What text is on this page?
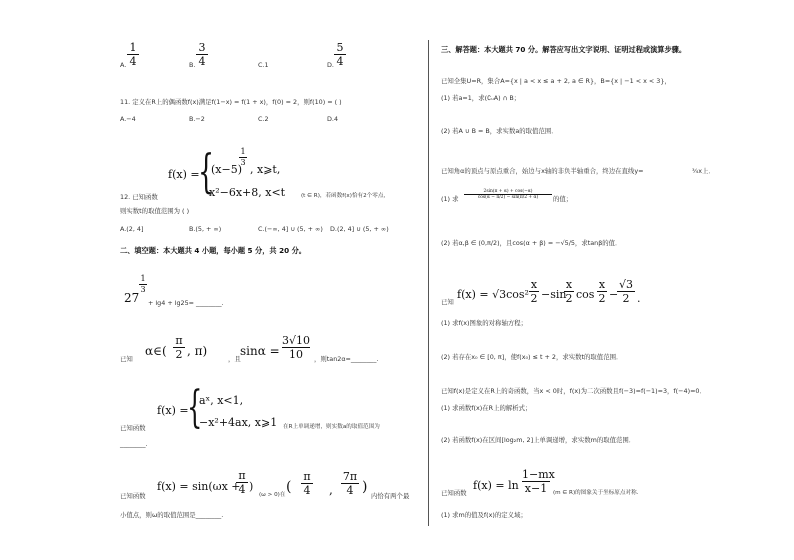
1
4
A.
3
4
B.	C.1
5
4
D.
11. 定义在R上的偶函数f(x)满足f(1−x) = f(1 + x)，f(0) = 2，则f(10) = ( )
A.−4	B.−2	C.2	D.4
f(x) =
{
(x−5)
1
3
, x⩾t,
x²−6x+8, x<t
12. 已知函数	(t ∈ R)，若函数f(x)恰有2个零点，
则实数t的取值范围为 ( )
A.(2, 4]	B.(5, + ∞)	C.(−∞, 4] ∪ (5, + ∞) D.(2, 4] ∪ (5, + ∞)
二、填空题：本大题共 4 小题，每小题 5 分，共 20 分。
27
1
3
+ lg4 + lg25= ________.
已知
α∈(
π
2 , π)
，且
sinα =
3√10
10	，则tan2α=________.
f(x) =
{
aˣ, x<1,
−x²+4ax, x⩾1
已知函数	在R上单调递增，则实数a的取值范围为
________.
f(x) = sin(ωx +
π
4 )
已知函数	(ω > 0)在 (
π
4 ,
7π
4 )
内恰有两个最
小值点，则ω的取值范围是________.
三、解答题：本大题共 70 分。解答应写出文字说明、证明过程或演算步骤。
已知全集U=R，集合A={x | a < x ≤ a + 2, a ∈ R}，B={x | −1 < x < 3}，
(1) 若a=1，求(∁ᵤA) ∩ B；
(2) 若A ∪ B = B，求实数a的取值范围．
已知角α的顶点与原点重合，始边与x轴的非负半轴重合，终边在直线y=	¾x上．
(1) 求
2sin(π + α) + cos(−α)
cos(α − π/2) − sin(π/2 + α)	的值；
(2) 若α,β ∈ (0,π/2)，且cos(α + β) = −√5/5，求tanβ的值．
已知
f(x) = √3cos²
x
2 −sin
x
2 cos
x
2 −
√3
2 .
(1) 求f(x)图象的对称轴方程；
(2) 若存在x₀ ∈ [0, π]，使f(x₀) ≤ t + 2，求实数t的取值范围．
已知f(x)是定义在R上的奇函数，当x < 0时，f(x)为二次函数且f(−3)=f(−1)=3，f(−4)=0．
(1) 求函数f(x)在R上的解析式；
(2) 若函数f(x)在区间[log₂m, 2]上单调递增，求实数m的取值范围．
已知函数
f(x) = ln
1−mx
x−1	(m ∈ R)的图象关于坐标原点对称．
(1) 求m的值及f(x)的定义域；
